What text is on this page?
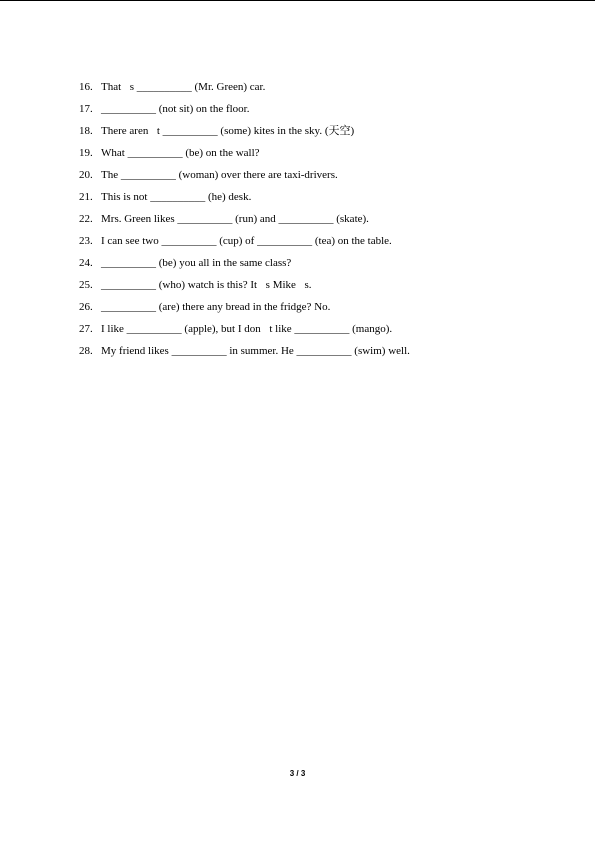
16. That s __________ (Mr. Green) car.
17. __________ (not sit) on the floor.
18. There aren t __________ (some) kites in the sky. (天空)
19. What __________ (be) on the wall?
20. The __________ (woman) over there are taxi-drivers.
21. This is not __________ (he) desk.
22. Mrs. Green likes __________ (run) and __________ (skate).
23. I can see two __________ (cup) of __________ (tea) on the table.
24. __________ (be) you all in the same class?
25. __________ (who) watch is this? It s Mike s.
26. __________ (are) there any bread in the fridge? No.
27. I like __________ (apple), but I don t like __________ (mango).
28. My friend likes __________ in summer. He __________ (swim) well.
3 / 3
